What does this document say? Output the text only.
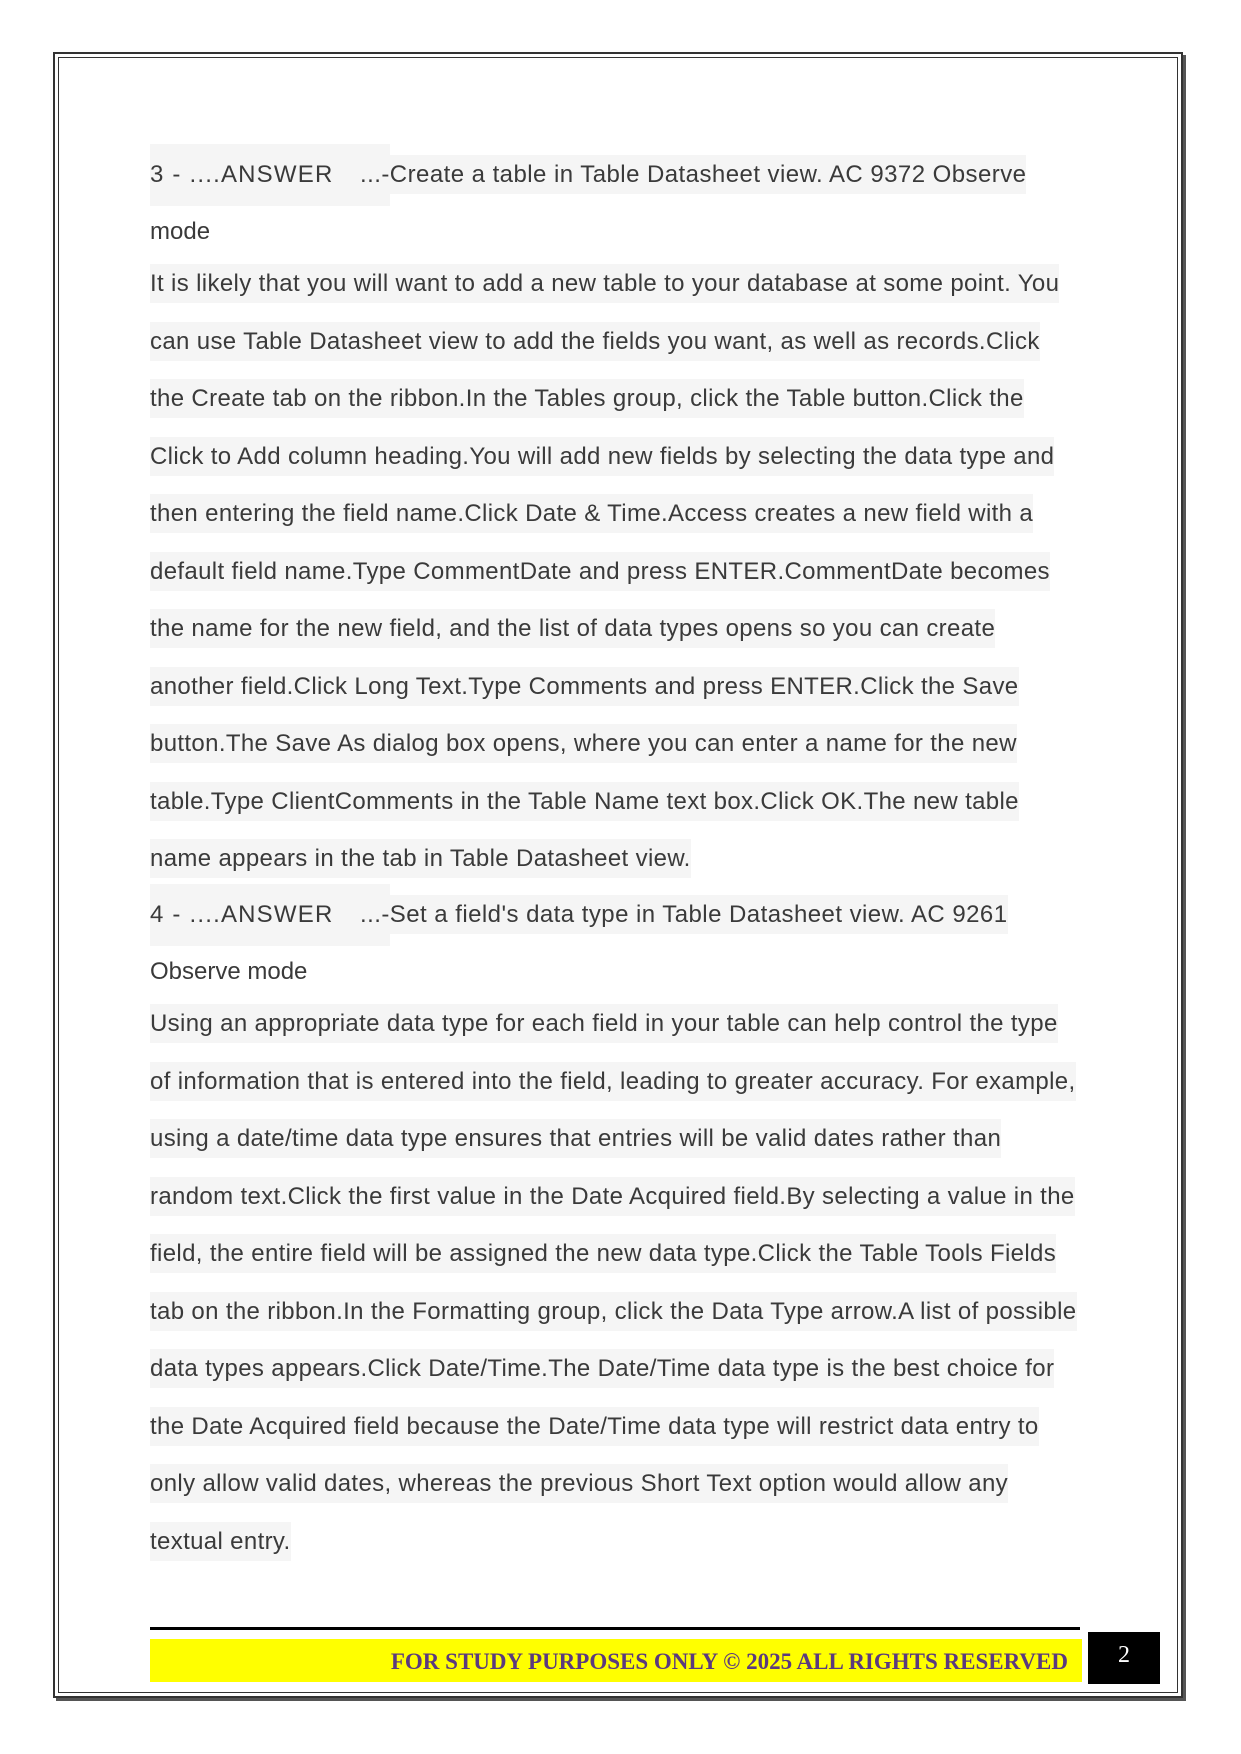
3 - ....ANSWER ...-Create a table in Table Datasheet view. AC 9372 Observe
mode
It is likely that you will want to add a new table to your database at some point. You
can use Table Datasheet view to add the fields you want, as well as records.Click
the Create tab on the ribbon.In the Tables group, click the Table button.Click the
Click to Add column heading.You will add new fields by selecting the data type and
then entering the field name.Click Date & Time.Access creates a new field with a
default field name.Type CommentDate and press ENTER.CommentDate becomes
the name for the new field, and the list of data types opens so you can create
another field.Click Long Text.Type Comments and press ENTER.Click the Save
button.The Save As dialog box opens, where you can enter a name for the new
table.Type ClientComments in the Table Name text box.Click OK.The new table
name appears in the tab in Table Datasheet view.
4 - ....ANSWER ...-Set a field's data type in Table Datasheet view. AC 9261
Observe mode
Using an appropriate data type for each field in your table can help control the type
of information that is entered into the field, leading to greater accuracy. For example,
using a date/time data type ensures that entries will be valid dates rather than
random text.Click the first value in the Date Acquired field.By selecting a value in the
field, the entire field will be assigned the new data type.Click the Table Tools Fields
tab on the ribbon.In the Formatting group, click the Data Type arrow.A list of possible
data types appears.Click Date/Time.The Date/Time data type is the best choice for
the Date Acquired field because the Date/Time data type will restrict data entry to
only allow valid dates, whereas the previous Short Text option would allow any
textual entry.
FOR STUDY PURPOSES ONLY © 2025 ALL RIGHTS RESERVED	2
